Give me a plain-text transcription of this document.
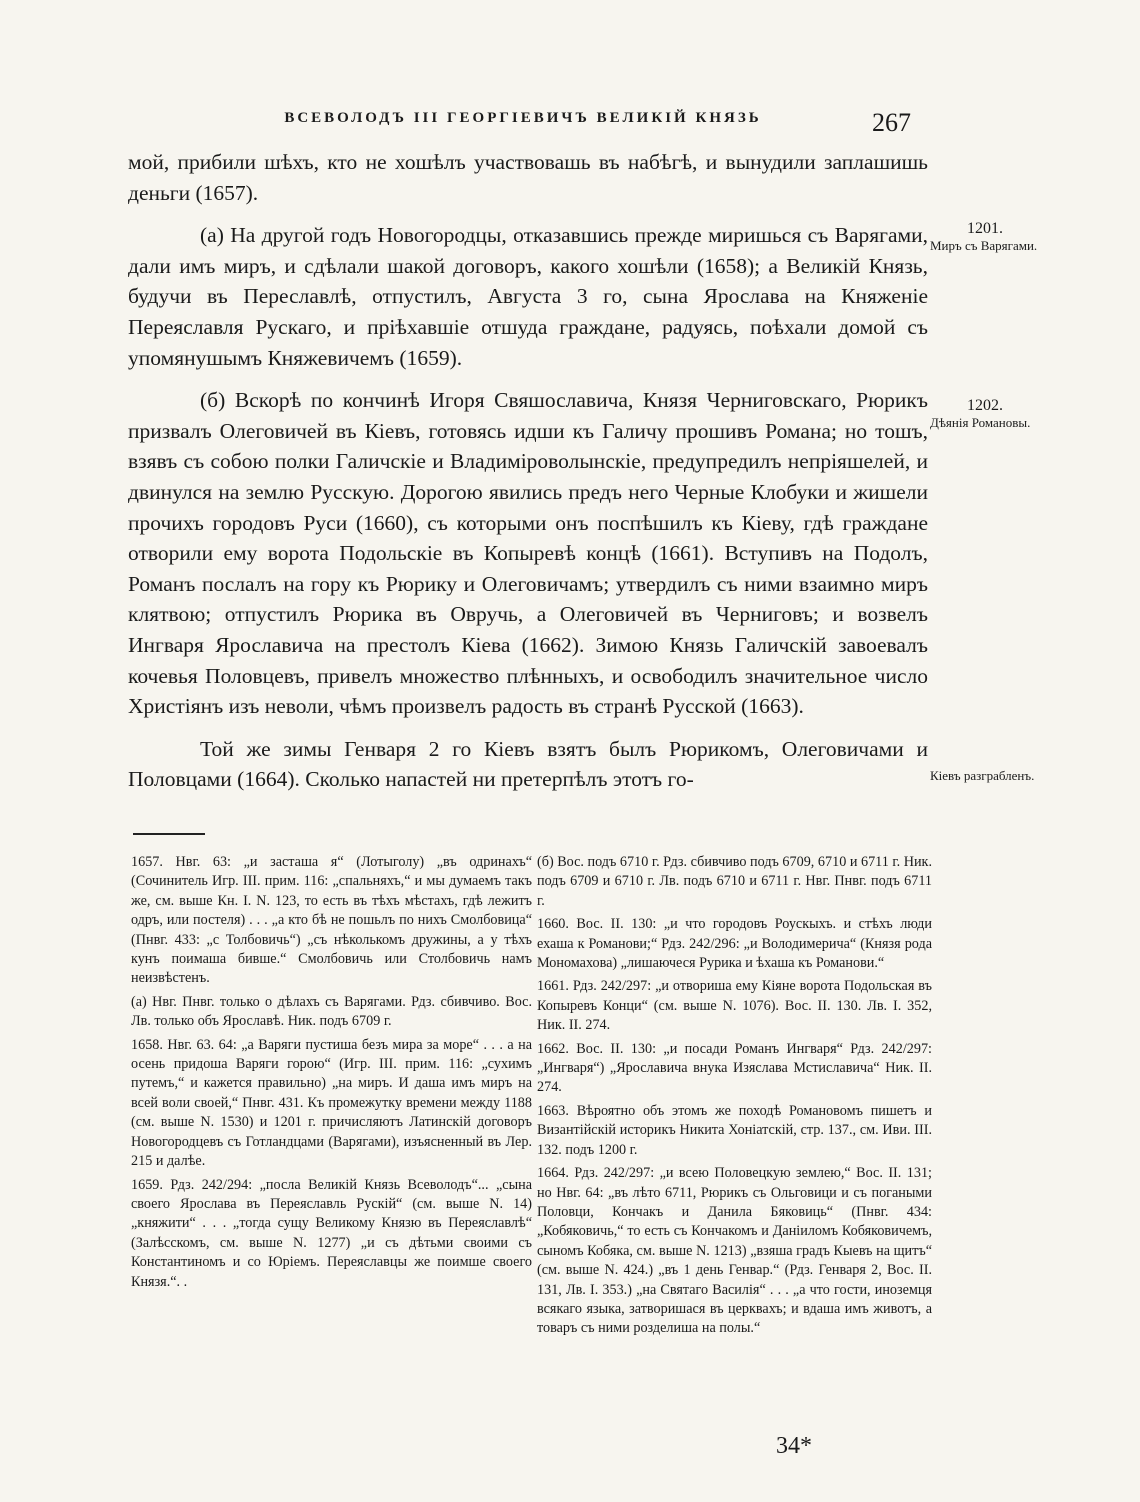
ВСЕВОЛОДЪ III ГЕОРГІЕВИЧЪ ВЕЛИКІЙ КНЯЗЬ	267

мой, прибили шѣхъ, кто не хошѣлъ участвовашь въ набѣгѣ, и вынудили заплашишь деньги (1657).

(а) На другой годъ Новогородцы, отказавшись прежде миришься съ Варягами, дали имъ миръ, и сдѣлали шакой договоръ, какого хошѣли (1658); а Великій Князь, будучи въ Переславлѣ, отпустилъ, Августа 3 го, сына Ярослава на Княженіе Переяславля Рускаго, и пріѣхавшіе отшуда граждане, радуясь, поѣхали домой съ упомянушымъ Княжевичемъ (1659).

(б) Вскорѣ по кончинѣ Игоря Свяшославича, Князя Черниговскаго, Рюрикъ призвалъ Олеговичей въ Кіевъ, готовясь идши къ Галичу прошивъ Романа; но тошъ, взявъ съ собою полки Галичскіе и Владиміроволынскіе, предупредилъ непріяшелей, и двинулся на землю Русскую. Дорогою явились предъ него Черные Клобуки и жишели прочихъ городовъ Руси (1660), съ которыми онъ поспѣшилъ къ Кіеву, гдѣ граждане отворили ему ворота Подольскіе въ Копыревѣ концѣ (1661). Вступивъ на Подолъ, Романъ послалъ на гору къ Рюрику и Олеговичамъ; утвердилъ съ ними взаимно миръ клятвою; отпустилъ Рюрика въ Овручь, а Олеговичей въ Черниговъ; и возвелъ Ингваря Ярославича на престолъ Кіева (1662). Зимою Князь Галичскій завоевалъ кочевья Половцевъ, привелъ множество плѣнныхъ, и освободилъ значительное число Христіянъ изъ неволи, чѣмъ произвелъ радость въ странѣ Русской (1663).

Той же зимы Генваря 2 го Кіевъ взятъ былъ Рюрикомъ, Олеговичами и Половцами (1664). Сколько напастей ни претерпѣлъ этотъ го-

1201.
Миръ съ Варягами.
1202.
Дѣянія Романовы.
Кіевъ разграбленъ.

1657. Нвг. 63: „и засташа я“ (Лотыголу) „въ одринахъ“ (Сочинитель Игр. III. прим. 116: „спальняхъ,“ и мы думаемъ такъ же, см. выше Кн. I. N. 123, то есть въ тѣхъ мѣстахъ, гдѣ лежитъ одръ, или постеля) . . . „а кто бѣ не пошьлъ по нихъ Смолбовица“ (Пнвг. 433: „с Толбовичь“) „съ нѣколькомъ дружины, а у тѣхъ кунъ поимаша бивше.“ Смолбовичь или Столбовичь намъ неизвѣстенъ.

(а) Нвг. Пнвг. только о дѣлахъ съ Варягами. Рдз. сбивчиво. Вос. Лв. только объ Ярославѣ. Ник. подъ 6709 г.

1658. Нвг. 63. 64: „а Варяги пустиша безъ мира за море“ . . . а на осень придоша Варяги горою“ (Игр. III. прим. 116: „сухимъ путемъ,“ и кажется правильно) „на миръ. И даша имъ миръ на всей воли своей,“ Пнвг. 431. Къ промежутку времени между 1188 (см. выше N. 1530) и 1201 г. причисляютъ Латинскій договоръ Новогородцевъ съ Готландцами (Варягами), изъясненный въ Лер. 215 и далѣе.

1659. Рдз. 242/294: „посла Великій Князь Всеволодъ“... „сына своего Ярослава въ Переяславль Рускій“ (см. выше N. 14) „княжити“ . . . „тогда сущу Великому Князю въ Переяславлѣ“ (Залѣсскомъ, см. выше N. 1277) „и съ дѣтьми своими съ Константиномъ и со Юріемъ. Переяславцы же поимше своего Князя.“. .

(б) Вос. подъ 6710 г. Рдз. сбивчиво подъ 6709, 6710 и 6711 г. Ник. подъ 6709 и 6710 г. Лв. подъ 6710 и 6711 г. Нвг. Пнвг. подъ 6711 г.

1660. Вос. II. 130: „и что городовъ Роускыхъ. и стѣхъ люди ехаша к Романови;“ Рдз. 242/296: „и Володимерича“ (Князя рода Мономахова) „лишаючеся Рурика и ѣхаша къ Романови.“

1661. Рдз. 242/297: „и отвориша ему Кіяне ворота Подольская въ Копыревъ Конци“ (см. выше N. 1076). Вос. II. 130. Лв. I. 352, Ник. II. 274.

1662. Вос. II. 130: „и посади Романъ Ингваря“ Рдз. 242/297: „Ингваря“) „Ярославича внука Изяслава Мстиславича“ Ник. II. 274.

1663. Вѣроятно объ этомъ же походѣ Романовомъ пишетъ и Византійскій историкъ Никита Хоніатскій, стр. 137., см. Иви. III. 132. подъ 1200 г.

1664. Рдз. 242/297: „и всею Половецкую землею,“ Вос. II. 131; но Нвг. 64: „въ лѣто 6711, Рюрикъ съ Ольговици и съ погаными Половци, Кончакъ и Данила Бяковиць“ (Пнвг. 434: „Кобяковичь,“ то есть съ Кончакомъ и Даніиломъ Кобяковичемъ, сыномъ Кобяка, см. выше N. 1213) „взяша градъ Кыевъ на щитъ“ (см. выше N. 424.) „въ 1 день Генвар.“ (Рдз. Генваря 2, Вос. II. 131, Лв. I. 353.) „на Святаго Василія“ . . . „а что гости, иноземця всякаго языка, затворишася въ церквахъ; и вдаша имъ животъ, а товаръ съ ними розделиша на полы.“

34*
